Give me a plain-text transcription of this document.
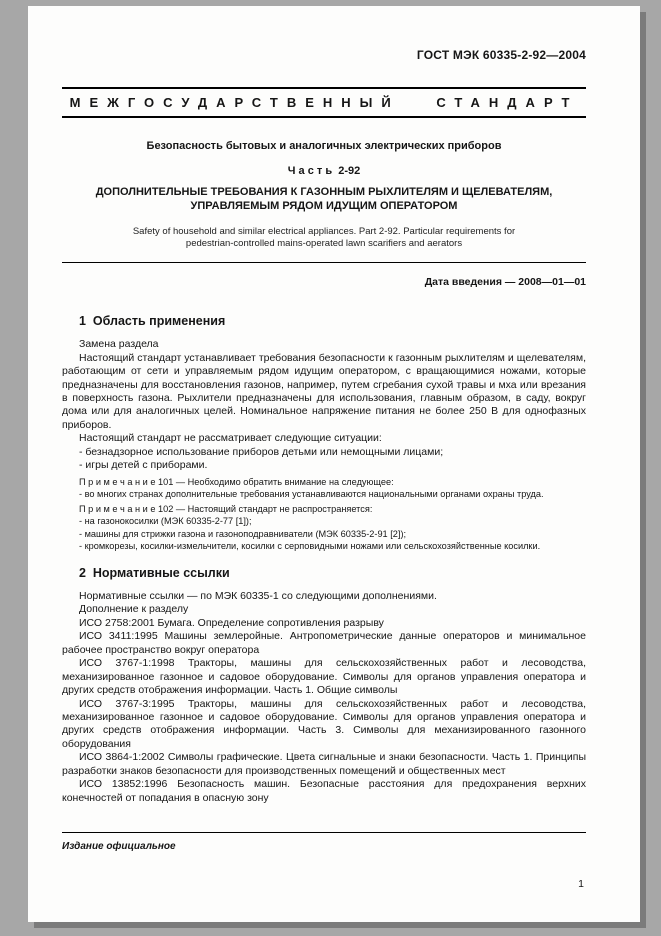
ГОСТ МЭК 60335-2-92—2004
МЕЖГОСУДАРСТВЕННЫЙ СТАНДАРТ
Безопасность бытовых и аналогичных электрических приборов
Ч а с т ь  2-92
ДОПОЛНИТЕЛЬНЫЕ ТРЕБОВАНИЯ К ГАЗОННЫМ РЫХЛИТЕЛЯМ И ЩЕЛЕВАТЕЛЯМ, УПРАВЛЯЕМЫМ РЯДОМ ИДУЩИМ ОПЕРАТОРОМ
Safety of household and similar electrical appliances. Part 2-92. Particular requirements for pedestrian-controlled mains-operated lawn scarifiers and aerators
Дата введения — 2008—01—01
1  Область применения

Замена раздела

Настоящий стандарт устанавливает требования безопасности к газонным рыхлителям и щелевателям, работающим от сети и управляемым рядом идущим оператором, с вращающимися ножами, которые предназначены для восстановления газонов, например, путем сгребания сухой травы и мха или врезания в поверхность газона. Рыхлители предназначены для использования, главным образом, в саду, вокруг дома или для аналогичных целей. Номинальное напряжение питания не более 250 В для однофазных приборов.

Настоящий стандарт не рассматривает следующие ситуации:

- безнадзорное использование приборов детьми или немощными лицами;

- игры детей с приборами.

П р и м е ч а н и е 101 — Необходимо обратить внимание на следующее:

- во многих странах дополнительные требования устанавливаются национальными органами охраны труда.

П р и м е ч а н и е 102 — Настоящий стандарт не распространяется:

- на газонокосилки (МЭК 60335-2-77 [1]);

- машины для стрижки газона и газоноподравниватели (МЭК 60335-2-91 [2]);

- кромкорезы, косилки-измельчители, косилки с серповидными ножами или сельскохозяйственные косилки.

2  Нормативные ссылки

Нормативные ссылки — по МЭК 60335-1 со следующими дополнениями.

Дополнение к разделу

ИСО 2758:2001 Бумага. Определение сопротивления разрыву

ИСО 3411:1995 Машины землеройные. Антропометрические данные операторов и минимальное рабочее пространство вокруг оператора

ИСО 3767-1:1998 Тракторы, машины для сельскохозяйственных работ и лесоводства, механизированное газонное и садовое оборудование. Символы для органов управления оператора и других средств отображения информации. Часть 1. Общие символы

ИСО 3767-3:1995 Тракторы, машины для сельскохозяйственных работ и лесоводства, механизированное газонное и садовое оборудование. Символы для органов управления оператора и других средств отображения информации. Часть 3. Символы для механизированного газонного оборудования

ИСО 3864-1:2002 Символы графические. Цвета сигнальные и знаки безопасности. Часть 1. Принципы разработки знаков безопасности для производственных помещений и общественных мест

ИСО 13852:1996 Безопасность машин. Безопасные расстояния для предохранения верхних конечностей от попадания в опасную зону

Издание официальное
1
